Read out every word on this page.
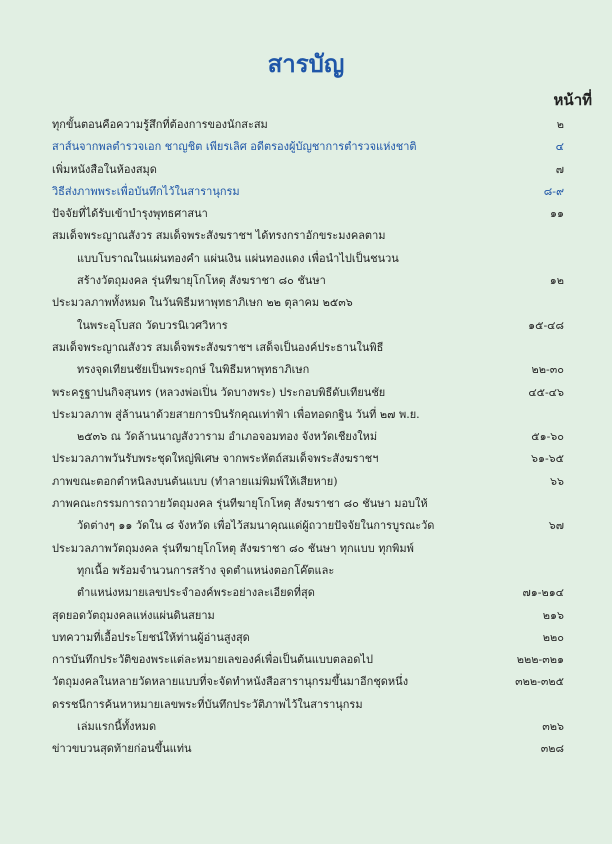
สารบัญ
หน้าที่
ทุกขั้นตอนคือความรู้สึกที่ต้องการของนักสะสม	๒
สาส์นจากพลตำรวจเอก ชาญชิต เพียรเลิศ อดีตรองผู้บัญชาการตำรวจแห่งชาติ	๔
เพิ่มหนังสือในห้องสมุด	๗
วิธีส่งภาพพระเพื่อบันทึกไว้ในสารานุกรม	๘-๙
ปัจจัยที่ได้รับเข้าบำรุงพุทธศาสนา	๑๑
สมเด็จพระญาณสังวร สมเด็จพระสังฆราชฯ ได้ทรงกราอักขระมงคลตาม
แบบโบราณในแผ่นทองคำ แผ่นเงิน แผ่นทองแดง เพื่อนำไปเป็นชนวน
สร้างวัตถุมงคล รุ่นทีฆายุโกโหตุ สังฆราชา ๘๐ ชันษา	๑๒
ประมวลภาพทั้งหมด ในวันพิธีมหาพุทธาภิเษก ๒๒ ตุลาคม ๒๕๓๖
ในพระอุโบสถ วัดบวรนิเวศวิหาร	๑๕-๔๘
สมเด็จพระญาณสังวร สมเด็จพระสังฆราชฯ เสด็จเป็นองค์ประธานในพิธี
ทรงจุดเทียนชัยเป็นพระฤกษ์ ในพิธีมหาพุทธาภิเษก	๒๒-๓๐
พระครูฐาปนกิจสุนทร (หลวงพ่อเปิ่น วัดบางพระ) ประกอบพิธีดับเทียนชัย	๔๕-๔๖
ประมวลภาพ สู่ล้านนาด้วยสายการบินรักคุณเท่าฟ้า เพื่อทอดกฐิน วันที่ ๒๗ พ.ย.
๒๕๓๖ ณ วัดล้านนาญสังวาราม อำเภอจอมทอง จังหวัดเชียงใหม่	๕๑-๖๐
ประมวลภาพวันรับพระชุดใหญ่พิเศษ จากพระหัตถ์สมเด็จพระสังฆราชฯ	๖๑-๖๕
ภาพขณะตอกตำหนิลงบนต้นแบบ (ทำลายแม่พิมพ์ให้เสียหาย)	๖๖
ภาพคณะกรรมการถวายวัตถุมงคล รุ่นทีฆายุโกโหตุ สังฆราชา ๘๐ ชันษา มอบให้
วัดต่างๆ ๑๑ วัดใน ๘ จังหวัด เพื่อไว้สมนาคุณแด่ผู้ถวายปัจจัยในการบูรณะวัด	๖๗
ประมวลภาพวัตถุมงคล รุ่นทีฆายุโกโหตุ สังฆราชา ๘๐ ชันษา ทุกแบบ ทุกพิมพ์
ทุกเนื้อ พร้อมจำนวนการสร้าง จุดตำแหน่งตอกโค๊ตและ
ตำแหน่งหมายเลขประจำองค์พระอย่างละเอียดที่สุด	๗๑-๒๑๔
สุดยอดวัตถุมงคลแห่งแผ่นดินสยาม	๒๑๖
บทความที่เอื้อประโยชน์ให้ท่านผู้อ่านสูงสุด	๒๒๐
การบันทึกประวัติของพระแต่ละหมายเลของค์เพื่อเป็นต้นแบบตลอดไป	๒๒๒-๓๒๑
วัตถุมงคลในหลายวัดหลายแบบที่จะจัดทำหนังสือสารานุกรมขึ้นมาอีกชุดหนึ่ง	๓๒๒-๓๒๕
ดรรชนีการค้นหาหมายเลขพระที่บันทึกประวัติภาพไว้ในสารานุกรม
เล่มแรกนี้ทั้งหมด	๓๒๖
ข่าวขบวนสุดท้ายก่อนขึ้นแท่น	๓๒๘
